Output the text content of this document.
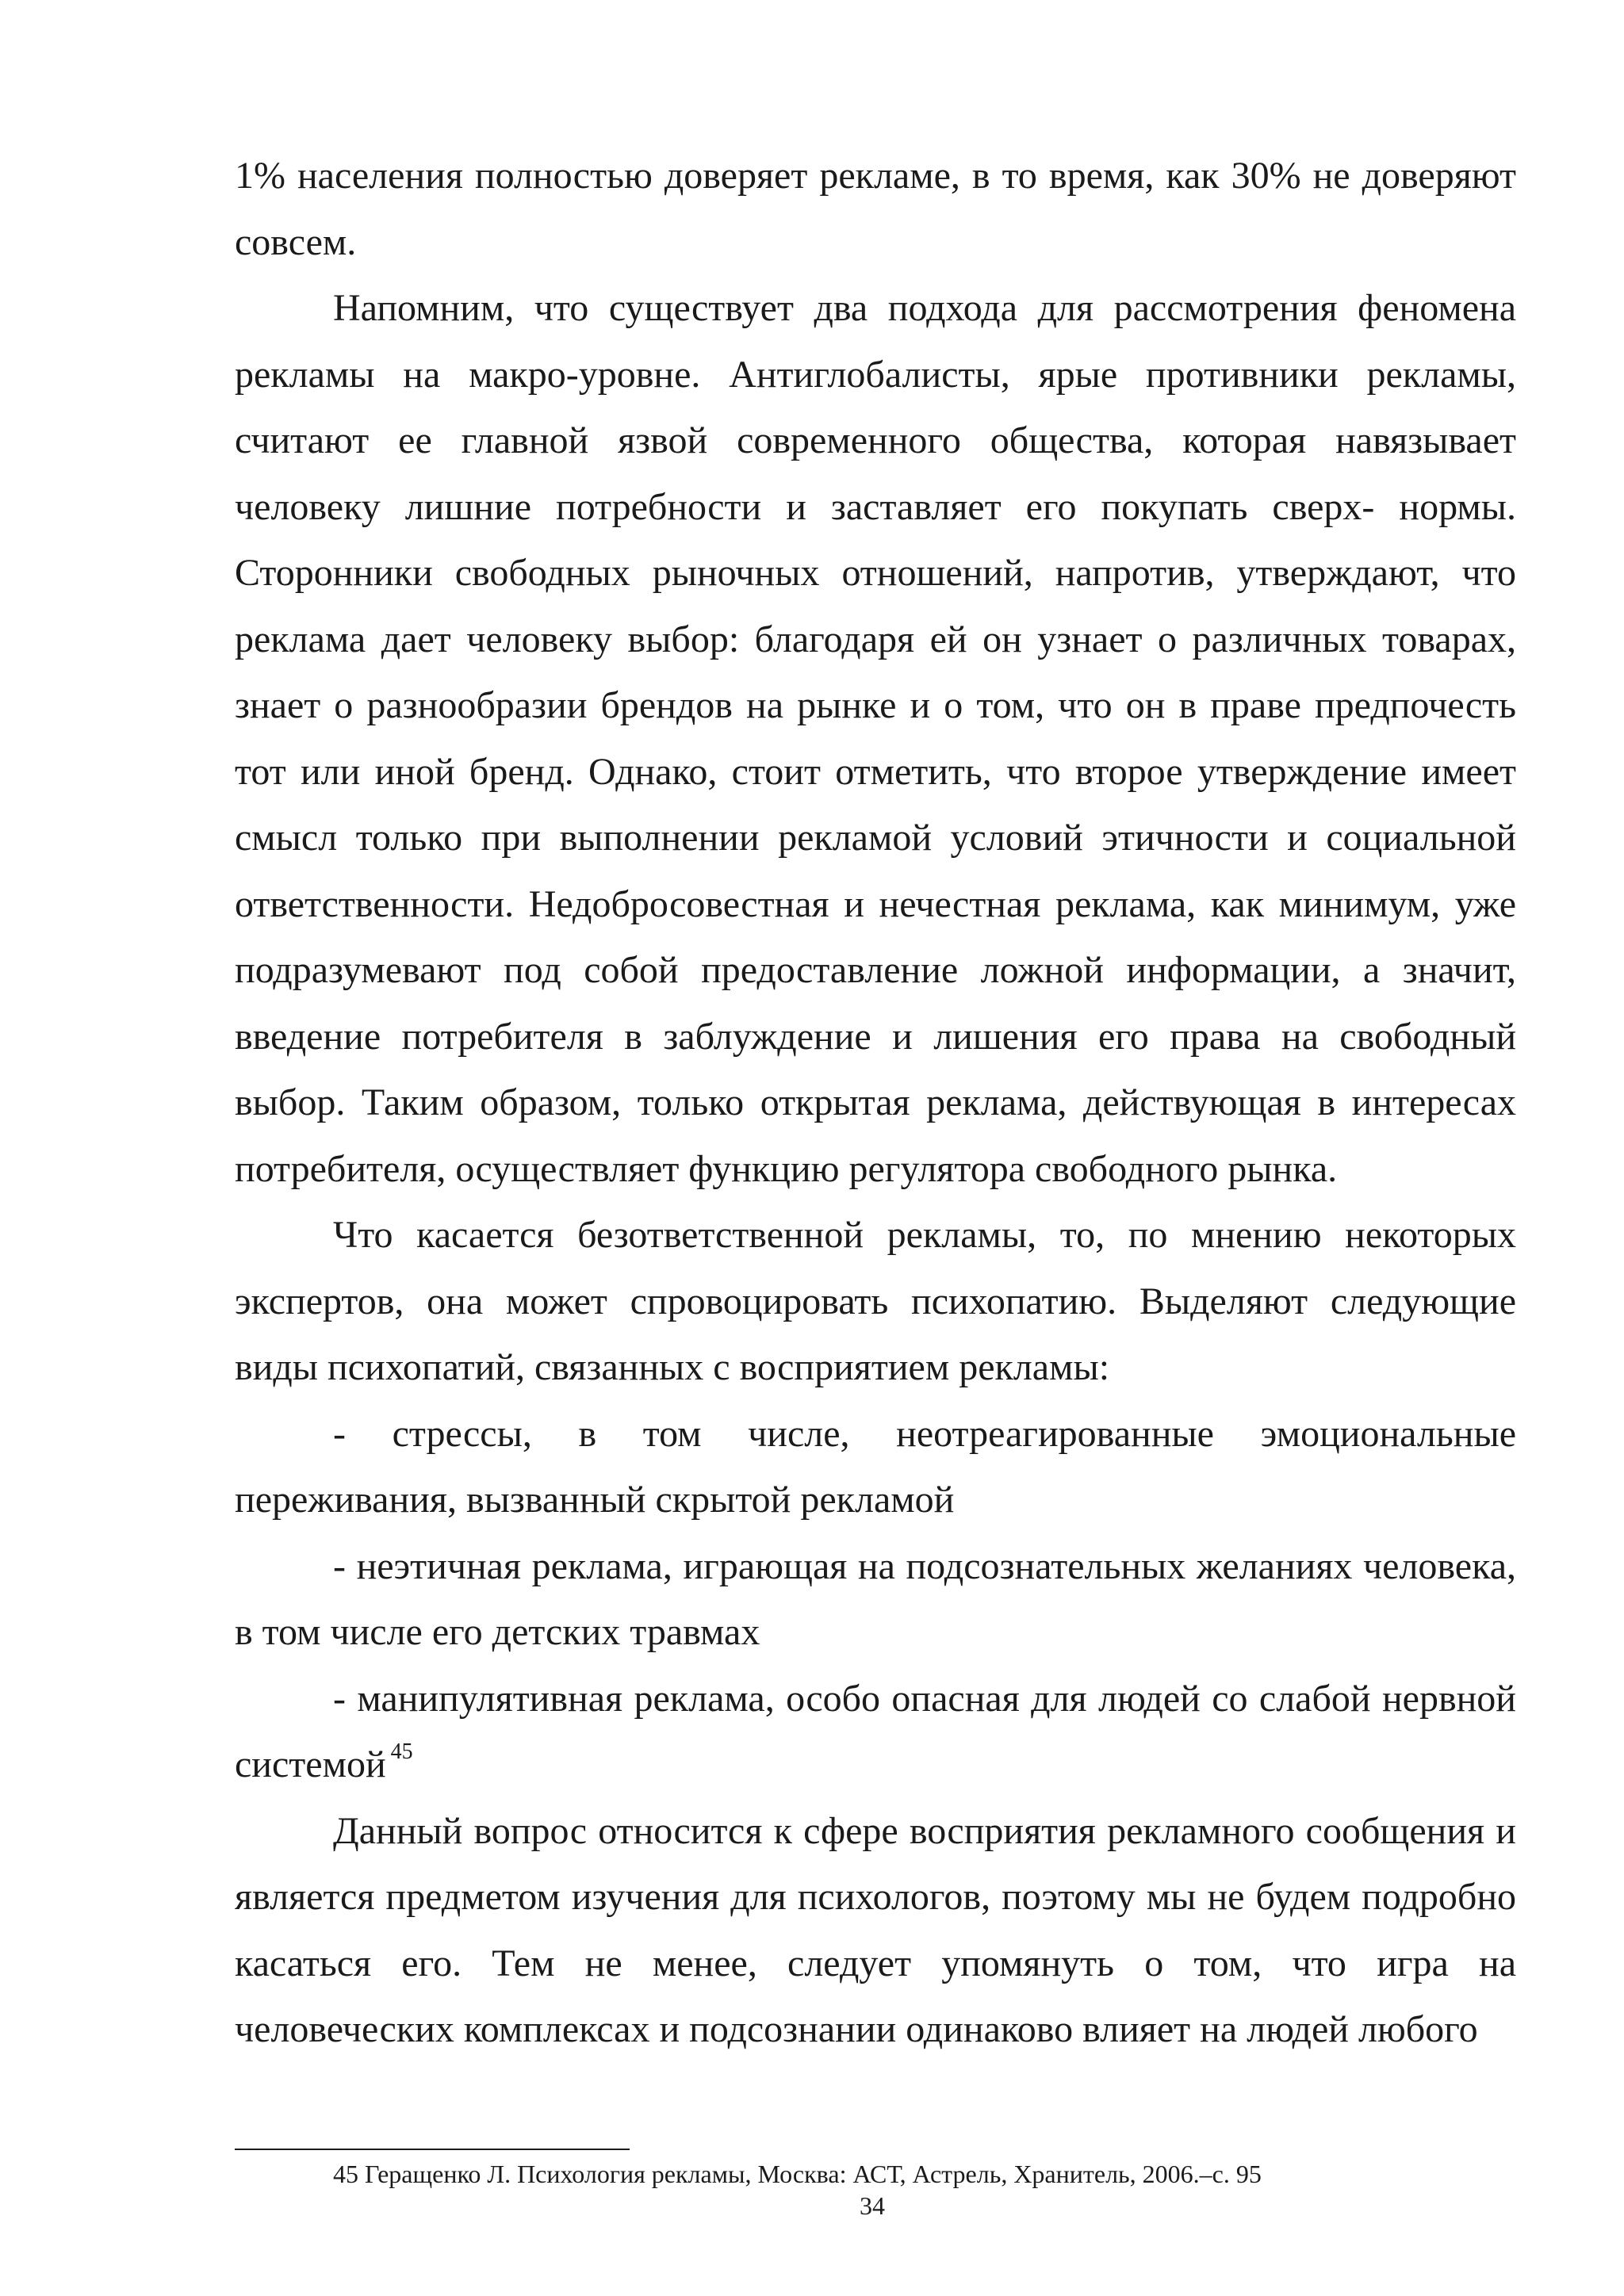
1% населения полностью доверяет рекламе, в то время, как 30% не доверяют совсем.

Напомним, что существует два подхода для рассмотрения феномена рекламы на макро-уровне. Антиглобалисты, ярые противники рекламы, считают ее главной язвой современного общества, которая навязывает человеку лишние потребности и заставляет его покупать сверх- нормы. Сторонники свободных рыночных отношений, напротив, утверждают, что реклама дает человеку выбор: благодаря ей он узнает о различных товарах, знает о разнообразии брендов на рынке и о том, что он в праве предпочесть тот или иной бренд. Однако, стоит отметить, что второе утверждение имеет смысл только при выполнении рекламой условий этичности и социальной ответственности. Недобросовестная и нечестная реклама, как минимум, уже подразумевают под собой предоставление ложной информации, а значит, введение потребителя в заблуждение и лишения его права на свободный выбор. Таким образом, только открытая реклама, действующая в интересах потребителя, осуществляет функцию регулятора свободного рынка.

Что касается безответственной рекламы, то, по мнению некоторых экспертов, она может спровоцировать психопатию. Выделяют следующие виды психопатий, связанных с восприятием рекламы:

- стрессы, в том числе, неотреагированные эмоциональные переживания, вызванный скрытой рекламой

- неэтичная реклама, играющая на подсознательных желаниях человека, в том числе его детских травмах

- манипулятивная реклама, особо опасная для людей со слабой нервной системой $^{45}$

Данный вопрос относится к сфере восприятия рекламного сообщения и является предметом изучения для психологов, поэтому мы не будем подробно касаться его. Тем не менее, следует упомянуть о том, что игра на человеческих комплексах и подсознании одинаково влияет на людей любого

45 Геращенко Л. Психология рекламы, Москва: АСТ, Астрель, Хранитель, 2006.–с. 95
34
